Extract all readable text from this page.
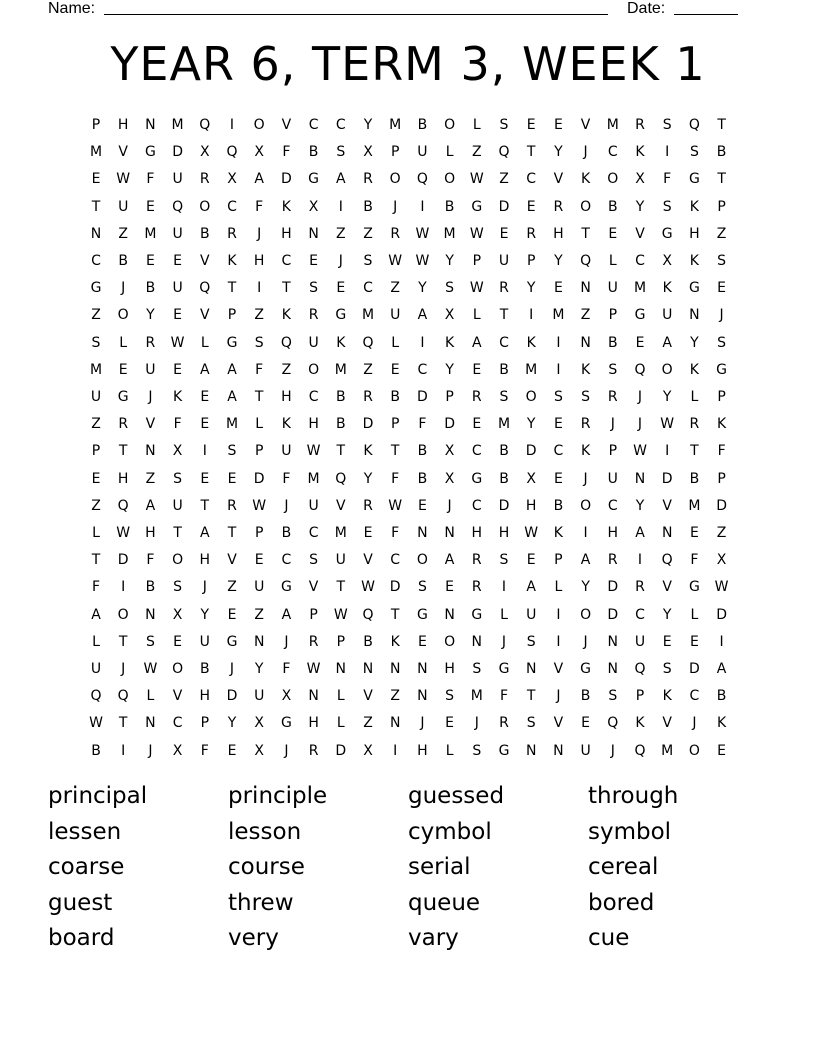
Name:	Date:
YEAR 6, TERM 3, WEEK 1
P	H	N	M	Q	I	O	V	C	C	Y	M	B	O	L	S	E	E	V	M	R	S	Q	T
M	V	G	D	X	Q	X	F	B	S	X	P	U	L	Z	Q	T	Y	J	C	K	I	S	B
E	W	F	U	R	X	A	D	G	A	R	O	Q	O	W	Z	C	V	K	O	X	F	G	T
T	U	E	Q	O	C	F	K	X	I	B	J	I	B	G	D	E	R	O	B	Y	S	K	P
N	Z	M	U	B	R	J	H	N	Z	Z	R	W	M	W	E	R	H	T	E	V	G	H	Z
C	B	E	E	V	K	H	C	E	J	S	W W	Y	P	U	P	Y	Q	L	C	X	K	S
G	J	B	U	Q	T	I	T	S	E	C	Z	Y	S	W	R	Y	E	N	U	M	K	G	E
Z	O	Y	E	V	P	Z	K	R	G	M	U	A	X	L	T	I	M	Z	P	G	U	N	J
S	L	R	W	L	G	S	Q	U	K	Q	L	I	K	A	C	K	I	N	B	E	A	Y	S
M	E	U	E	A	A	F	Z	O	M	Z	E	C	Y	E	B	M	I	K	S	Q	O	K	G
U	G	J	K	E	A	T	H	C	B	R	B	D	P	R	S	O	S	S	R	J	Y	L	P
Z	R	V	F	E	M	L	K	H	B	D	P	F	D	E	M	Y	E	R	J	J	W	R	K
P	T	N	X	I	S	P	U	W	T	K	T	B	X	C	B	D	C	K	P	W	I	T	F
E	H	Z	S	E	E	D	F	M	Q	Y	F	B	X	G	B	X	E	J	U	N	D	B	P
Z	Q	A	U	T	R	W	J	U	V	R	W	E	J	C	D	H	B	O	C	Y	V	M	D
L	W	H	T	A	T	P	B	C	M	E	F	N	N	H	H	W	K	I	H	A	N	E	Z
T	D	F	O	H	V	E	C	S	U	V	C	O	A	R	S	E	P	A	R	I	Q	F	X
F	I	B	S	J	Z	U	G	V	T	W	D	S	E	R	I	A	L	Y	D	R	V	G	W
A	O	N	X	Y	E	Z	A	P	W	Q	T	G	N	G	L	U	I	O	D	C	Y	L	D
L	T	S	E	U	G	N	J	R	P	B	K	E	O	N	J	S	I	J	N	U	E	E	I
U	J	W	O	B	J	Y	F	W	N	N	N	N	H	S	G	N	V	G	N	Q	S	D	A
Q	Q	L	V	H	D	U	X	N	L	V	Z	N	S	M	F	T	J	B	S	P	K	C	B
W	T	N	C	P	Y	X	G	H	L	Z	N	J	E	J	R	S	V	E	Q	K	V	J	K
B	I	J	X	F	E	X	J	R	D	X	I	H	L	S	G	N	N	U	J	Q	M	O	E
principal	principle	guessed	through
lessen	lesson	cymbol	symbol
coarse	course	serial	cereal
guest	threw	queue	bored
board	very	vary	cue
